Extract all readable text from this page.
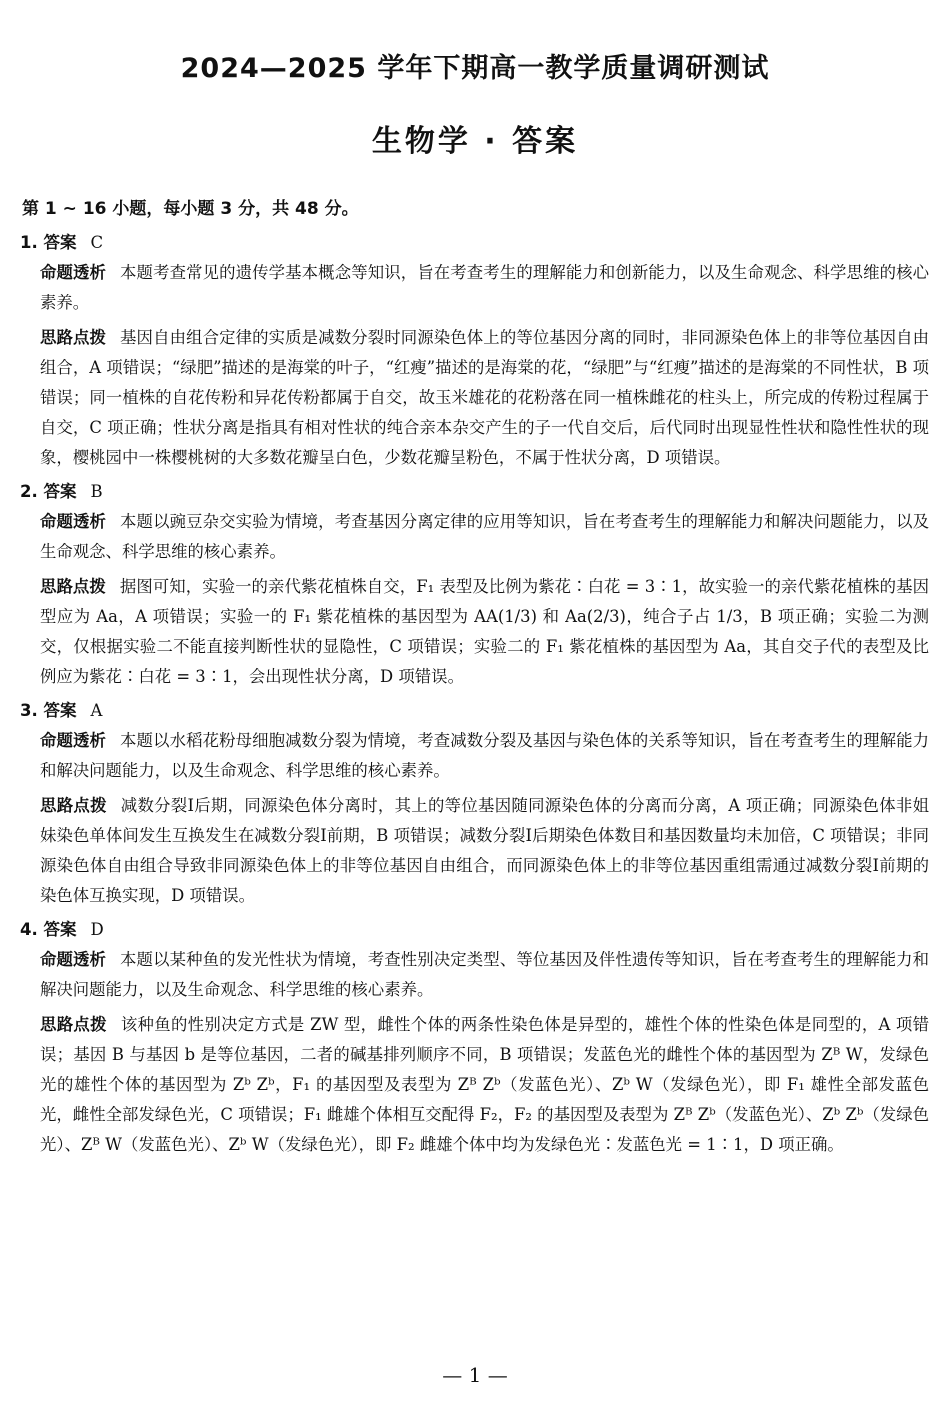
2024—2025 学年下期高一教学质量调研测试
生物学 · 答案
第 1 ~ 16 小题，每小题 3 分，共 48 分。
1. 答案 C
命题透析 本题考查常见的遗传学基本概念等知识，旨在考查考生的理解能力和创新能力，以及生命观念、科学思维的核心素养。
思路点拨 基因自由组合定律的实质是减数分裂时同源染色体上的等位基因分离的同时，非同源染色体上的非等位基因自由组合，A 项错误；“绿肥”描述的是海棠的叶子，“红瘦”描述的是海棠的花，“绿肥”与“红瘦”描述的是海棠的不同性状，B 项错误；同一植株的自花传粉和异花传粉都属于自交，故玉米雄花的花粉落在同一植株雌花的柱头上，所完成的传粉过程属于自交，C 项正确；性状分离是指具有相对性状的纯合亲本杂交产生的子一代自交后，后代同时出现显性性状和隐性性状的现象，樱桃园中一株樱桃树的大多数花瓣呈白色，少数花瓣呈粉色，不属于性状分离，D 项错误。
2. 答案 B
命题透析 本题以豌豆杂交实验为情境，考查基因分离定律的应用等知识，旨在考查考生的理解能力和解决问题能力，以及生命观念、科学思维的核心素养。
思路点拨 据图可知，实验一的亲代紫花植株自交，F₁ 表型及比例为紫花∶白花 = 3∶1，故实验一的亲代紫花植株的基因型应为 Aa，A 项错误；实验一的 F₁ 紫花植株的基因型为 AA(1/3) 和 Aa(2/3)，纯合子占 1/3，B 项正确；实验二为测交，仅根据实验二不能直接判断性状的显隐性，C 项错误；实验二的 F₁ 紫花植株的基因型为 Aa，其自交子代的表型及比例应为紫花∶白花 = 3∶1，会出现性状分离，D 项错误。
3. 答案 A
命题透析 本题以水稻花粉母细胞减数分裂为情境，考查减数分裂及基因与染色体的关系等知识，旨在考查考生的理解能力和解决问题能力，以及生命观念、科学思维的核心素养。
思路点拨 减数分裂Ⅰ后期，同源染色体分离时，其上的等位基因随同源染色体的分离而分离，A 项正确；同源染色体非姐妹染色单体间发生互换发生在减数分裂Ⅰ前期，B 项错误；减数分裂Ⅰ后期染色体数目和基因数量均未加倍，C 项错误；非同源染色体自由组合导致非同源染色体上的非等位基因自由组合，而同源染色体上的非等位基因重组需通过减数分裂Ⅰ前期的染色体互换实现，D 项错误。
4. 答案 D
命题透析 本题以某种鱼的发光性状为情境，考查性别决定类型、等位基因及伴性遗传等知识，旨在考查考生的理解能力和解决问题能力，以及生命观念、科学思维的核心素养。
思路点拨 该种鱼的性别决定方式是 ZW 型，雌性个体的两条性染色体是异型的，雄性个体的性染色体是同型的，A 项错误；基因 B 与基因 b 是等位基因，二者的碱基排列顺序不同，B 项错误；发蓝色光的雌性个体的基因型为 Zᴮ W，发绿色光的雄性个体的基因型为 Zᵇ Zᵇ，F₁ 的基因型及表型为 Zᴮ Zᵇ（发蓝色光）、Zᵇ W（发绿色光），即 F₁ 雄性全部发蓝色光，雌性全部发绿色光，C 项错误；F₁ 雌雄个体相互交配得 F₂，F₂ 的基因型及表型为 Zᴮ Zᵇ（发蓝色光）、Zᵇ Zᵇ（发绿色光）、Zᴮ W（发蓝色光）、Zᵇ W（发绿色光），即 F₂ 雌雄个体中均为发绿色光∶发蓝色光 = 1∶1，D 项正确。
— 1 —
